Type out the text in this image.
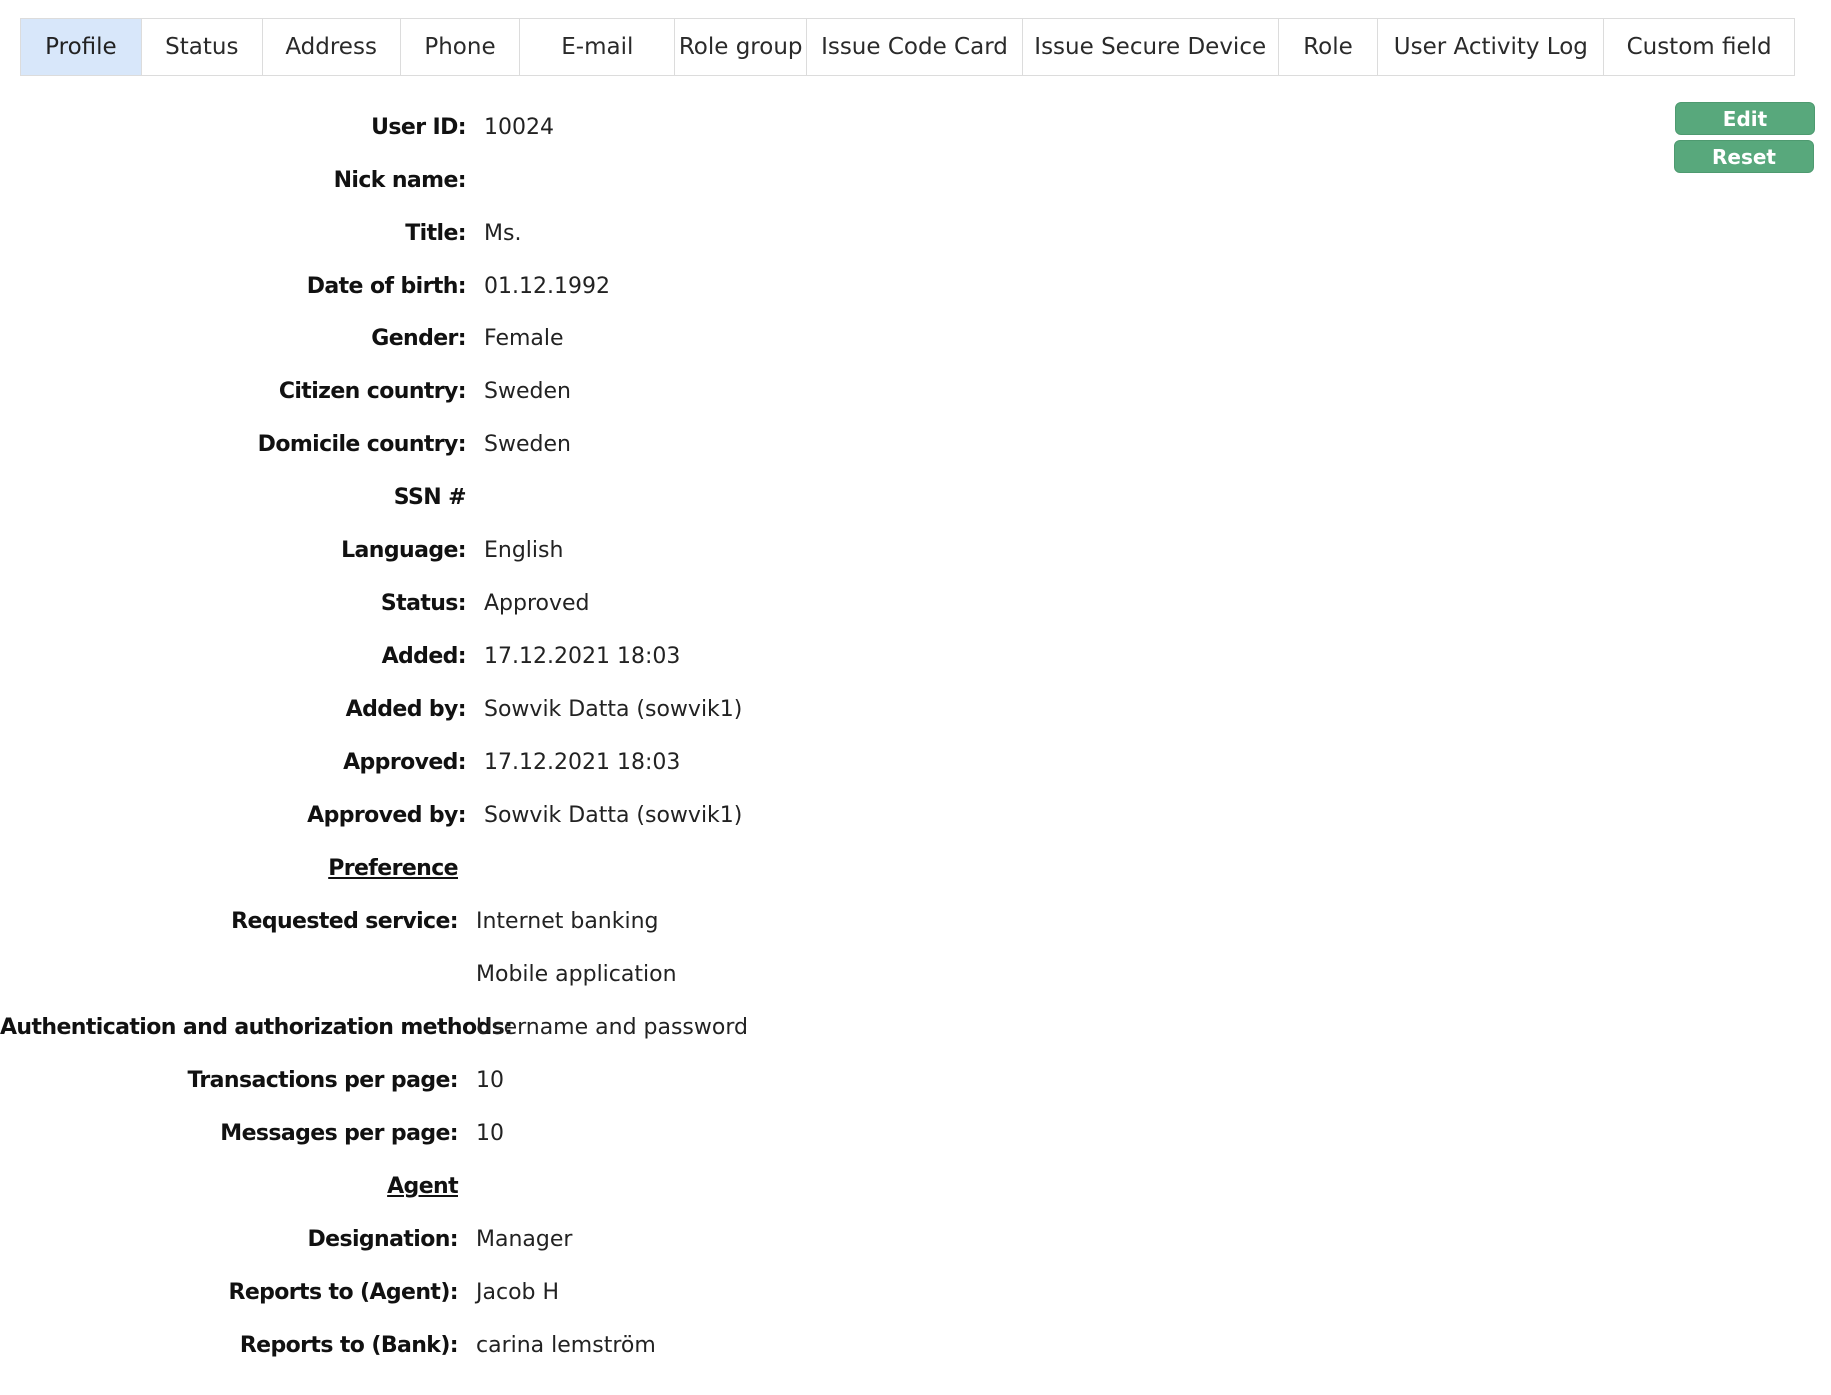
Profile	Status	Address	Phone	E-mail	Role group Issue Code Card	Issue Secure Device	Role	User Activity Log	Custom field
Edit
Reset
User ID: 10024
Nick name:
Title: Ms.
Date of birth: 01.12.1992
Gender: Female
Citizen country: Sweden
Domicile country: Sweden
SSN #
Language: English
Status: Approved
Added: 17.12.2021 18:03
Added by: Sowvik Datta (sowvik1)
Approved: 17.12.2021 18:03
Approved by: Sowvik Datta (sowvik1)
Preference
Requested service: Internet banking
Mobile application
Authentication and authorization methods:
Username and password
Transactions per page: 10
Messages per page: 10
Agent
Designation: Manager
Reports to (Agent): Jacob H
Reports to (Bank): carina lemström
